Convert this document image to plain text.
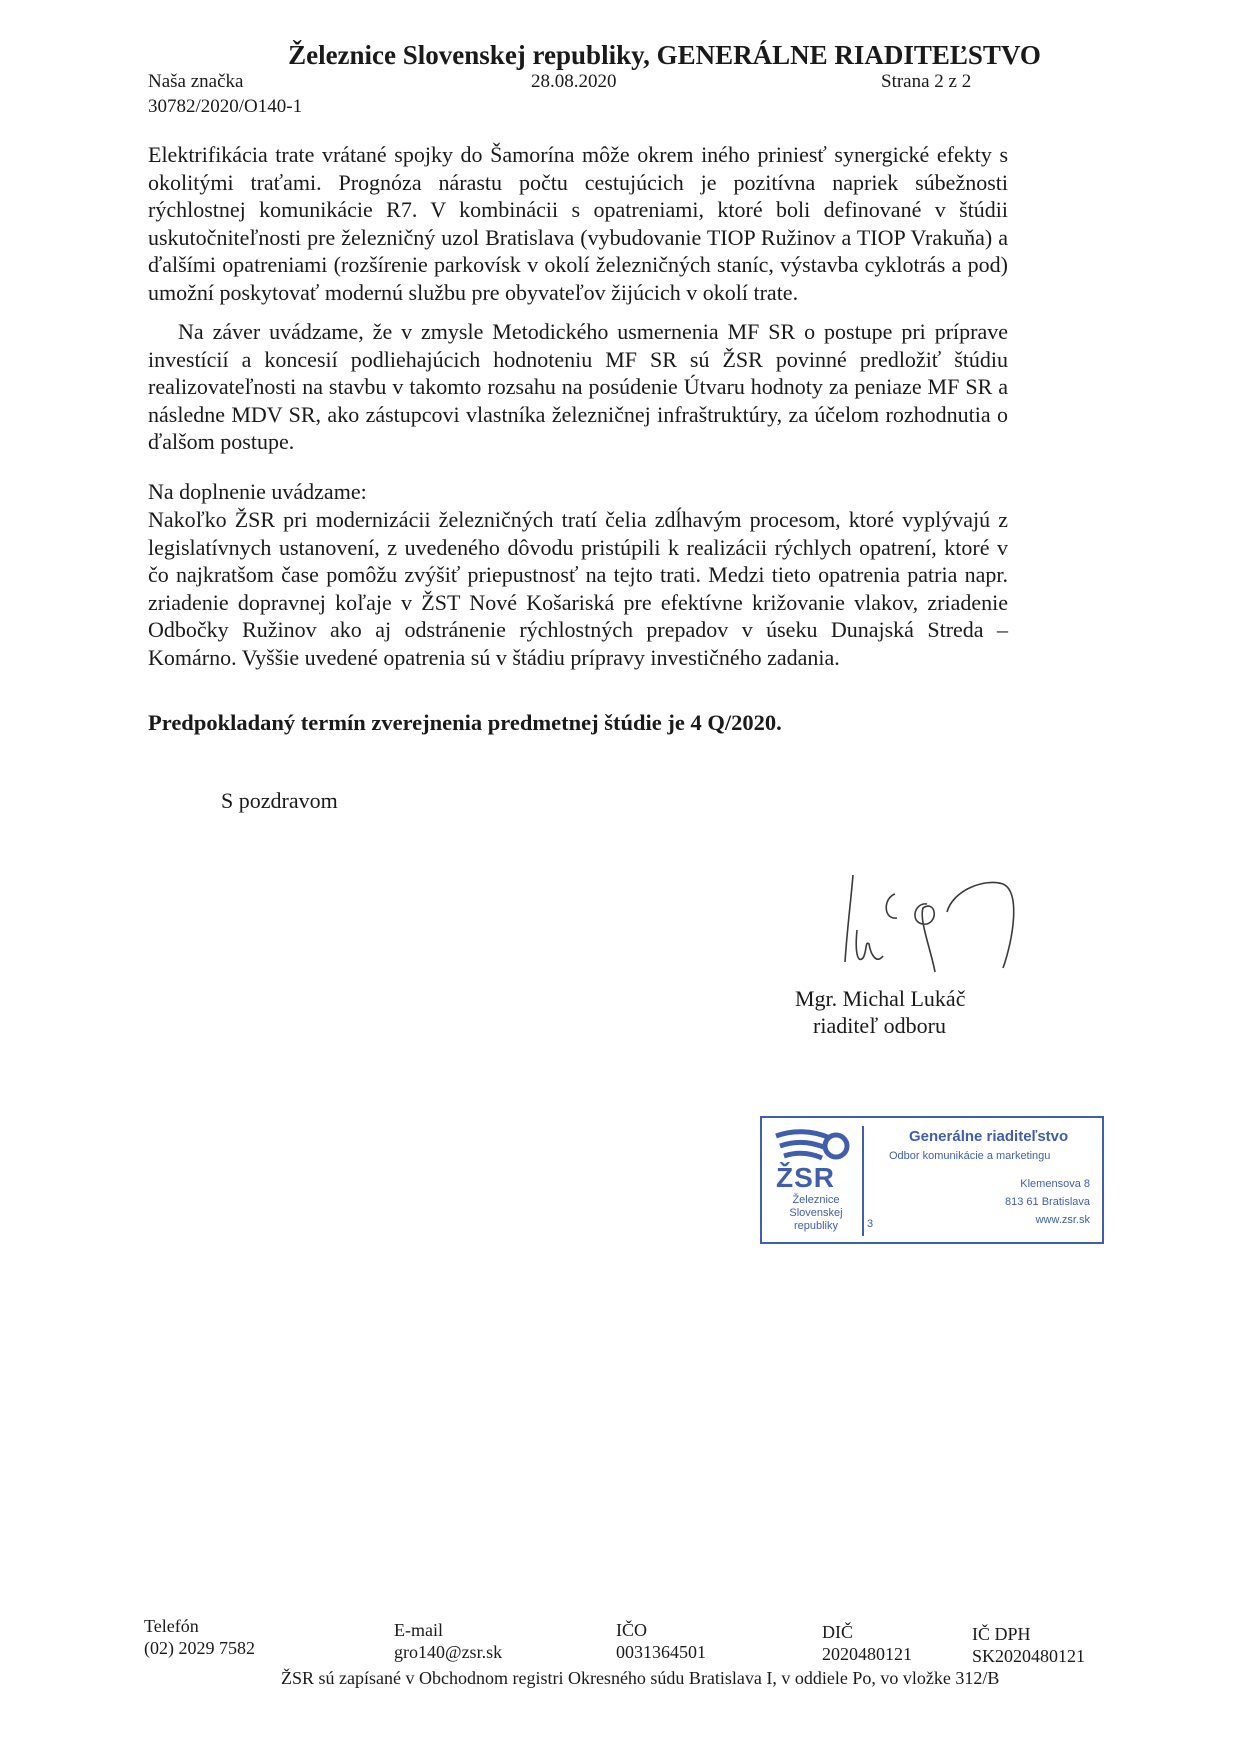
Železnice Slovenskej republiky, GENERÁLNE RIADITEĽSTVO
Naša značka
30782/2020/O140-1
28.08.2020	Strana 2 z 2
Elektrifikácia trate vrátané spojky do Šamorína môže okrem iného priniesť synergické efekty s okolitými traťami. Prognóza nárastu počtu cestujúcich je pozitívna napriek súbežnosti rýchlostnej komunikácie R7. V kombinácii s opatreniami, ktoré boli definované v štúdii uskutočniteľnosti pre železničný uzol Bratislava (vybudovanie TIOP Ružinov a TIOP Vrakuňa) a ďalšími opatreniami (rozšírenie parkovísk v okolí železničných staníc, výstavba cyklotrás a pod) umožní poskytovať modernú službu pre obyvateľov žijúcich v okolí trate.
Na záver uvádzame, že v zmysle Metodického usmernenia MF SR o postupe pri príprave investícií a koncesií podliehajúcich hodnoteniu MF SR sú ŽSR povinné predložiť štúdiu realizovateľnosti na stavbu v takomto rozsahu na posúdenie Útvaru hodnoty za peniaze MF SR a následne MDV SR, ako zástupcovi vlastníka železničnej infraštruktúry, za účelom rozhodnutia o ďalšom postupe.
Na doplnenie uvádzame:
Nakoľko ŽSR pri modernizácii železničných tratí čelia zdĺhavým procesom, ktoré vyplývajú z legislatívnych ustanovení, z uvedeného dôvodu pristúpili k realizácii rýchlych opatrení, ktoré v čo najkratšom čase pomôžu zvýšiť priepustnosť na tejto trati. Medzi tieto opatrenia patria napr. zriadenie dopravnej koľaje v ŽST Nové Košariská pre efektívne križovanie vlakov, zriadenie Odbočky Ružinov ako aj odstránenie rýchlostných prepadov v úseku Dunajská Streda – Komárno. Vyššie uvedené opatrenia sú v štádiu prípravy investičného zadania.
Predpokladaný termín zverejnenia predmetnej štúdie je 4 Q/2020.
S pozdravom
Mgr. Michal Lukáč
riaditeľ odboru
ŽSR
Železnice
Slovenskej
republiky	3
Generálne riaditeľstvo
Odbor komunikácie a marketingu
Klemensova 8
813 61 Bratislava
www.zsr.sk
Telefón
(02) 2029 7582
E-mail
gro140@zsr.sk
IČO
0031364501
DIČ
2020480121
IČ DPH
SK2020480121
ŽSR sú zapísané v Obchodnom registri Okresného súdu Bratislava I, v oddiele Po, vo vložke 312/B
